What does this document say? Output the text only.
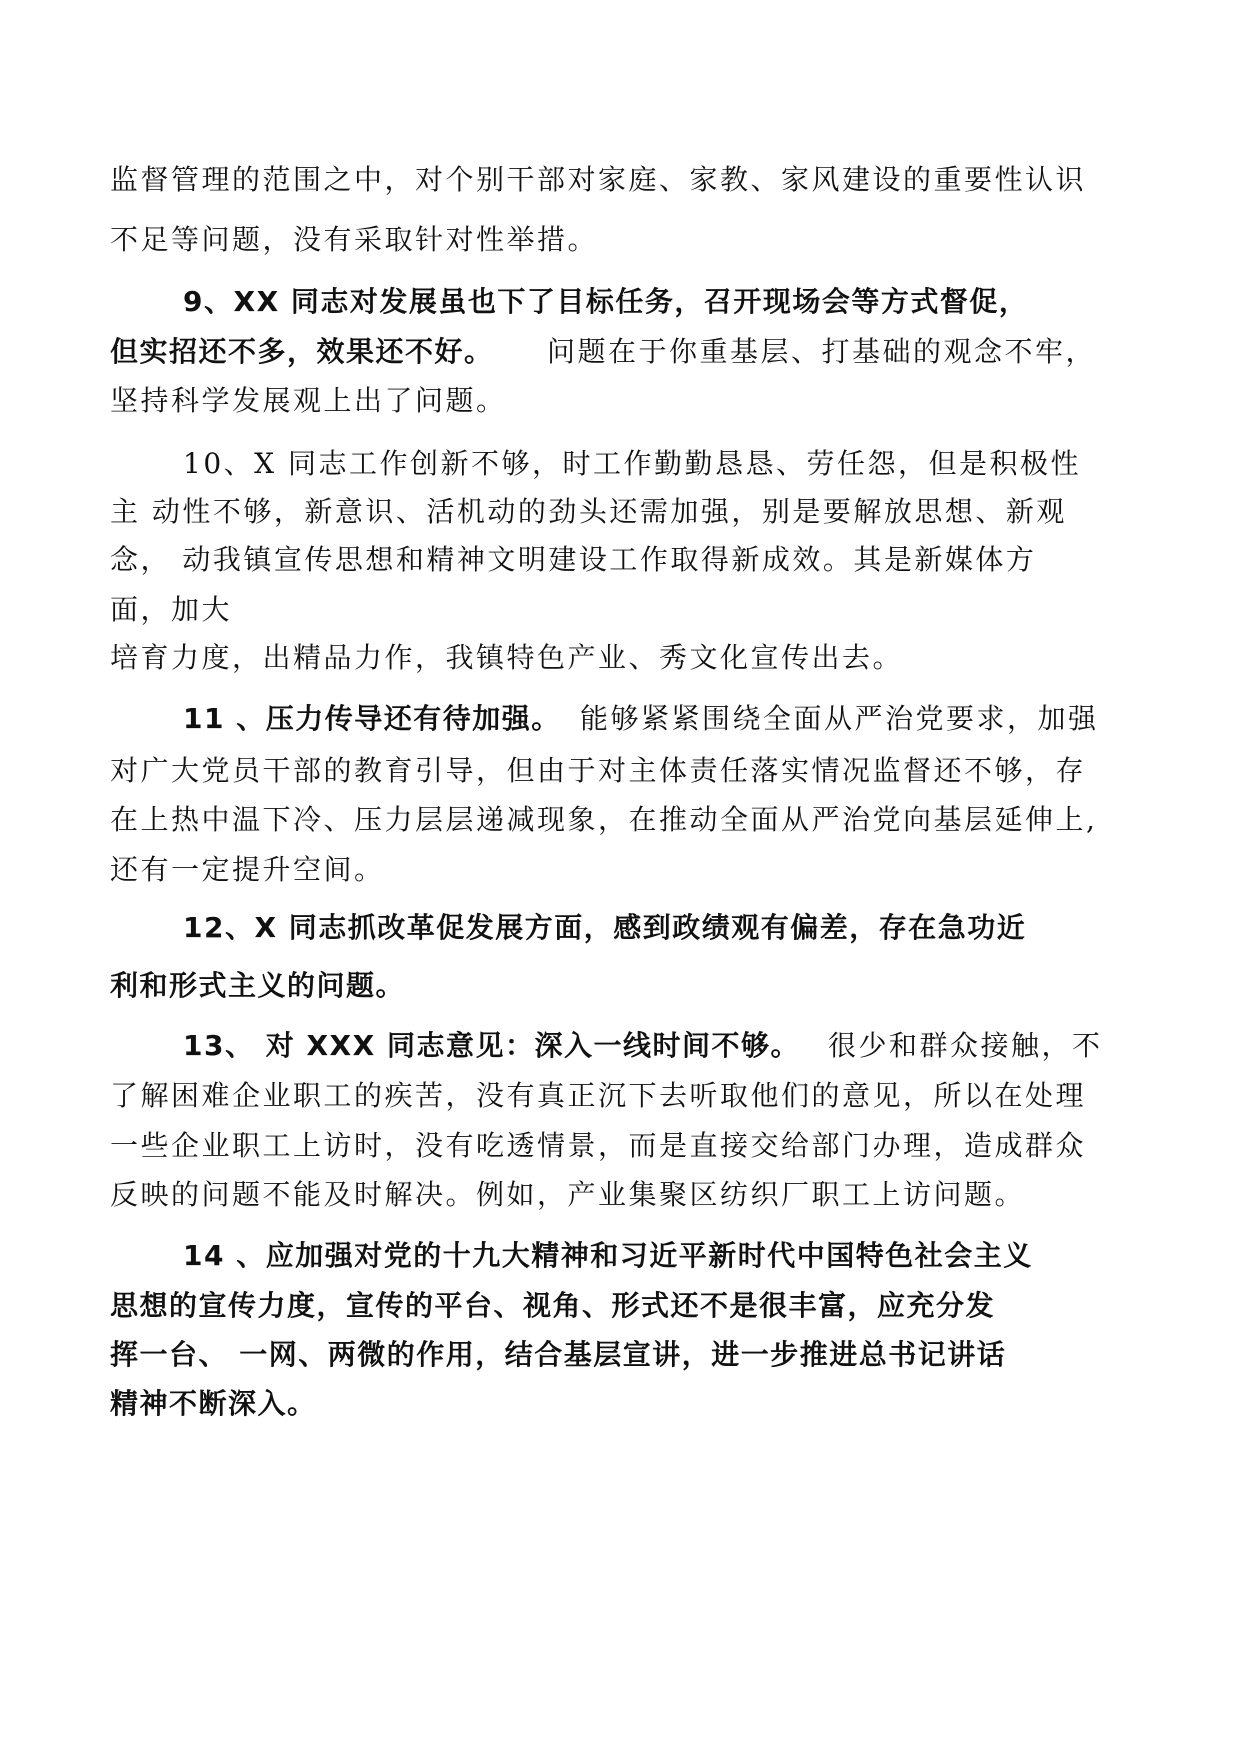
监督管理的范围之中，对个别干部对家庭、家教、家风建设的重要性认识
不足等问题，没有采取针对性举措。
9、XX 同志对发展虽也下了目标任务，召开现场会等方式督促，
但实招还不多，效果还不好。 问题在于你重基层、打基础的观念不牢，
坚持科学发展观上出了问题。
10、X 同志工作创新不够，时工作勤勤恳恳、劳任怨，但是积极性
主 动性不够，新意识、活机动的劲头还需加强，别是要解放思想、新观
念， 动我镇宣传思想和精神文明建设工作取得新成效。其是新媒体方
面，加大
培育力度，出精品力作，我镇特色产业、秀文化宣传出去。
11 、压力传导还有待加强。 能够紧紧围绕全面从严治党要求，加强
对广大党员干部的教育引导，但由于对主体责任落实情况监督还不够，存
在上热中温下冷、压力层层递减现象，在推动全面从严治党向基层延伸上,
还有一定提升空间。
12、X 同志抓改革促发展方面，感到政绩观有偏差，存在急功近
利和形式主义的问题。
13、 对 XXX 同志意见：深入一线时间不够。 很少和群众接触，不
了解困难企业职工的疾苦，没有真正沉下去听取他们的意见，所以在处理
一些企业职工上访时，没有吃透情景，而是直接交给部门办理，造成群众
反映的问题不能及时解决。例如，产业集聚区纺织厂职工上访问题。
14 、应加强对党的十九大精神和习近平新时代中国特色社会主义
思想的宣传力度，宣传的平台、视角、形式还不是很丰富，应充分发
挥一台、 一网、两微的作用，结合基层宣讲，进一步推进总书记讲话
精神不断深入。
